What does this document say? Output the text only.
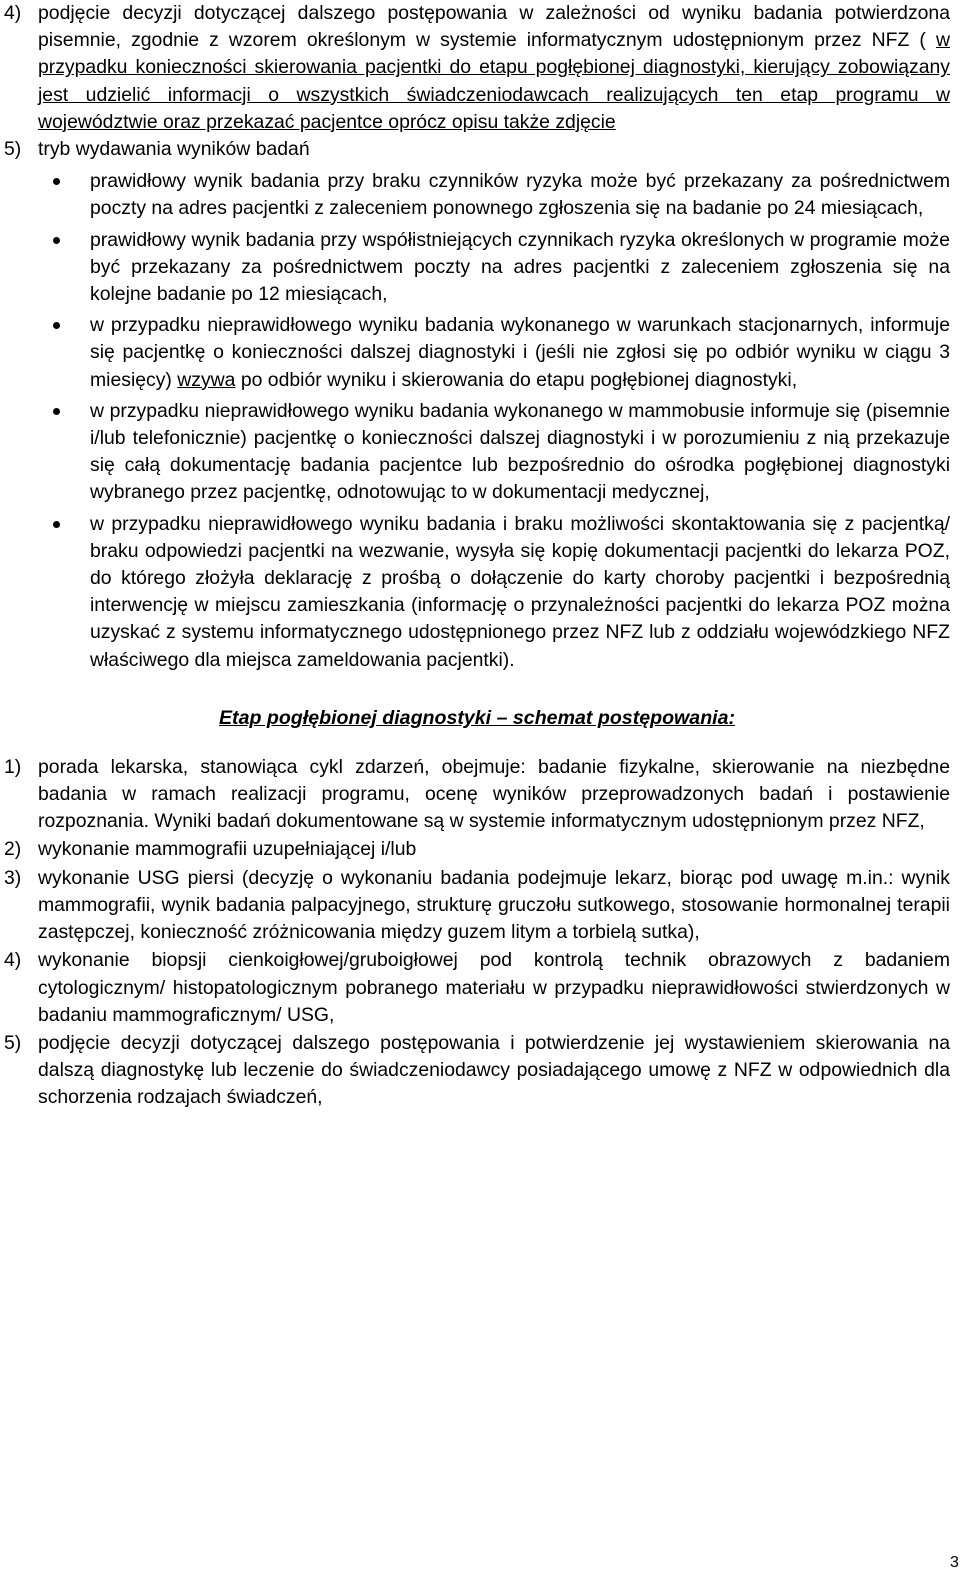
4) podjęcie decyzji dotyczącej dalszego postępowania w zależności od wyniku badania potwierdzona pisemnie, zgodnie z wzorem określonym w systemie informatycznym udostępnionym przez NFZ ( w przypadku konieczności skierowania pacjentki do etapu pogłębionej diagnostyki, kierujący zobowiązany jest udzielić informacji o wszystkich świadczeniodawcach realizujących ten etap programu w województwie oraz przekazać pacjentce oprócz opisu także zdjęcie

5) tryb wydawania wyników badań

prawidłowy wynik badania przy braku czynników ryzyka może być przekazany za pośrednictwem poczty na adres pacjentki z zaleceniem ponownego zgłoszenia się na badanie po 24 miesiącach,

prawidłowy wynik badania przy współistniejących czynnikach ryzyka określonych w programie może być przekazany za pośrednictwem poczty na adres pacjentki z zaleceniem zgłoszenia się na kolejne badanie po 12 miesiącach,

w przypadku nieprawidłowego wyniku badania wykonanego w warunkach stacjonarnych, informuje się pacjentkę o konieczności dalszej diagnostyki i (jeśli nie zgłosi się po odbiór wyniku w ciągu 3 miesięcy) wzywa po odbiór wyniku i skierowania do etapu pogłębionej diagnostyki,

w przypadku nieprawidłowego wyniku badania wykonanego w mammobusie informuje się (pisemnie i/lub telefonicznie) pacjentkę o konieczności dalszej diagnostyki i w porozumieniu z nią przekazuje się całą dokumentację badania pacjentce lub bezpośrednio do ośrodka pogłębionej diagnostyki wybranego przez pacjentkę, odnotowując to w dokumentacji medycznej,

w przypadku nieprawidłowego wyniku badania i braku możliwości skontaktowania się z pacjentką/ braku odpowiedzi pacjentki na wezwanie, wysyła się kopię dokumentacji pacjentki do lekarza POZ, do którego złożyła deklarację z prośbą o dołączenie do karty choroby pacjentki i bezpośrednią interwencję w miejscu zamieszkania (informację o przynależności pacjentki do lekarza POZ można uzyskać z systemu informatycznego udostępnionego przez NFZ lub z oddziału wojewódzkiego NFZ właściwego dla miejsca zameldowania pacjentki).

Etap pogłębionej diagnostyki – schemat postępowania:
1) porada lekarska, stanowiąca cykl zdarzeń, obejmuje: badanie fizykalne, skierowanie na niezbędne badania w ramach realizacji programu, ocenę wyników przeprowadzonych badań i postawienie rozpoznania. Wyniki badań dokumentowane są w systemie informatycznym udostępnionym przez NFZ,

2) wykonanie mammografii uzupełniającej i/lub

3) wykonanie USG piersi (decyzję o wykonaniu badania podejmuje lekarz, biorąc pod uwagę m.in.: wynik mammografii, wynik badania palpacyjnego, strukturę gruczołu sutkowego, stosowanie hormonalnej terapii zastępczej, konieczność zróżnicowania między guzem litym a torbielą sutka),

4) wykonanie biopsji cienkoigłowej/gruboigłowej pod kontrolą technik obrazowych z badaniem cytologicznym/ histopatologicznym pobranego materiału w przypadku nieprawidłowości stwierdzonych w badaniu mammograficznym/ USG,

5) podjęcie decyzji dotyczącej dalszego postępowania i potwierdzenie jej wystawieniem skierowania na dalszą diagnostykę lub leczenie do świadczeniodawcy posiadającego umowę z NFZ w odpowiednich dla schorzenia rodzajach świadczeń,

3
